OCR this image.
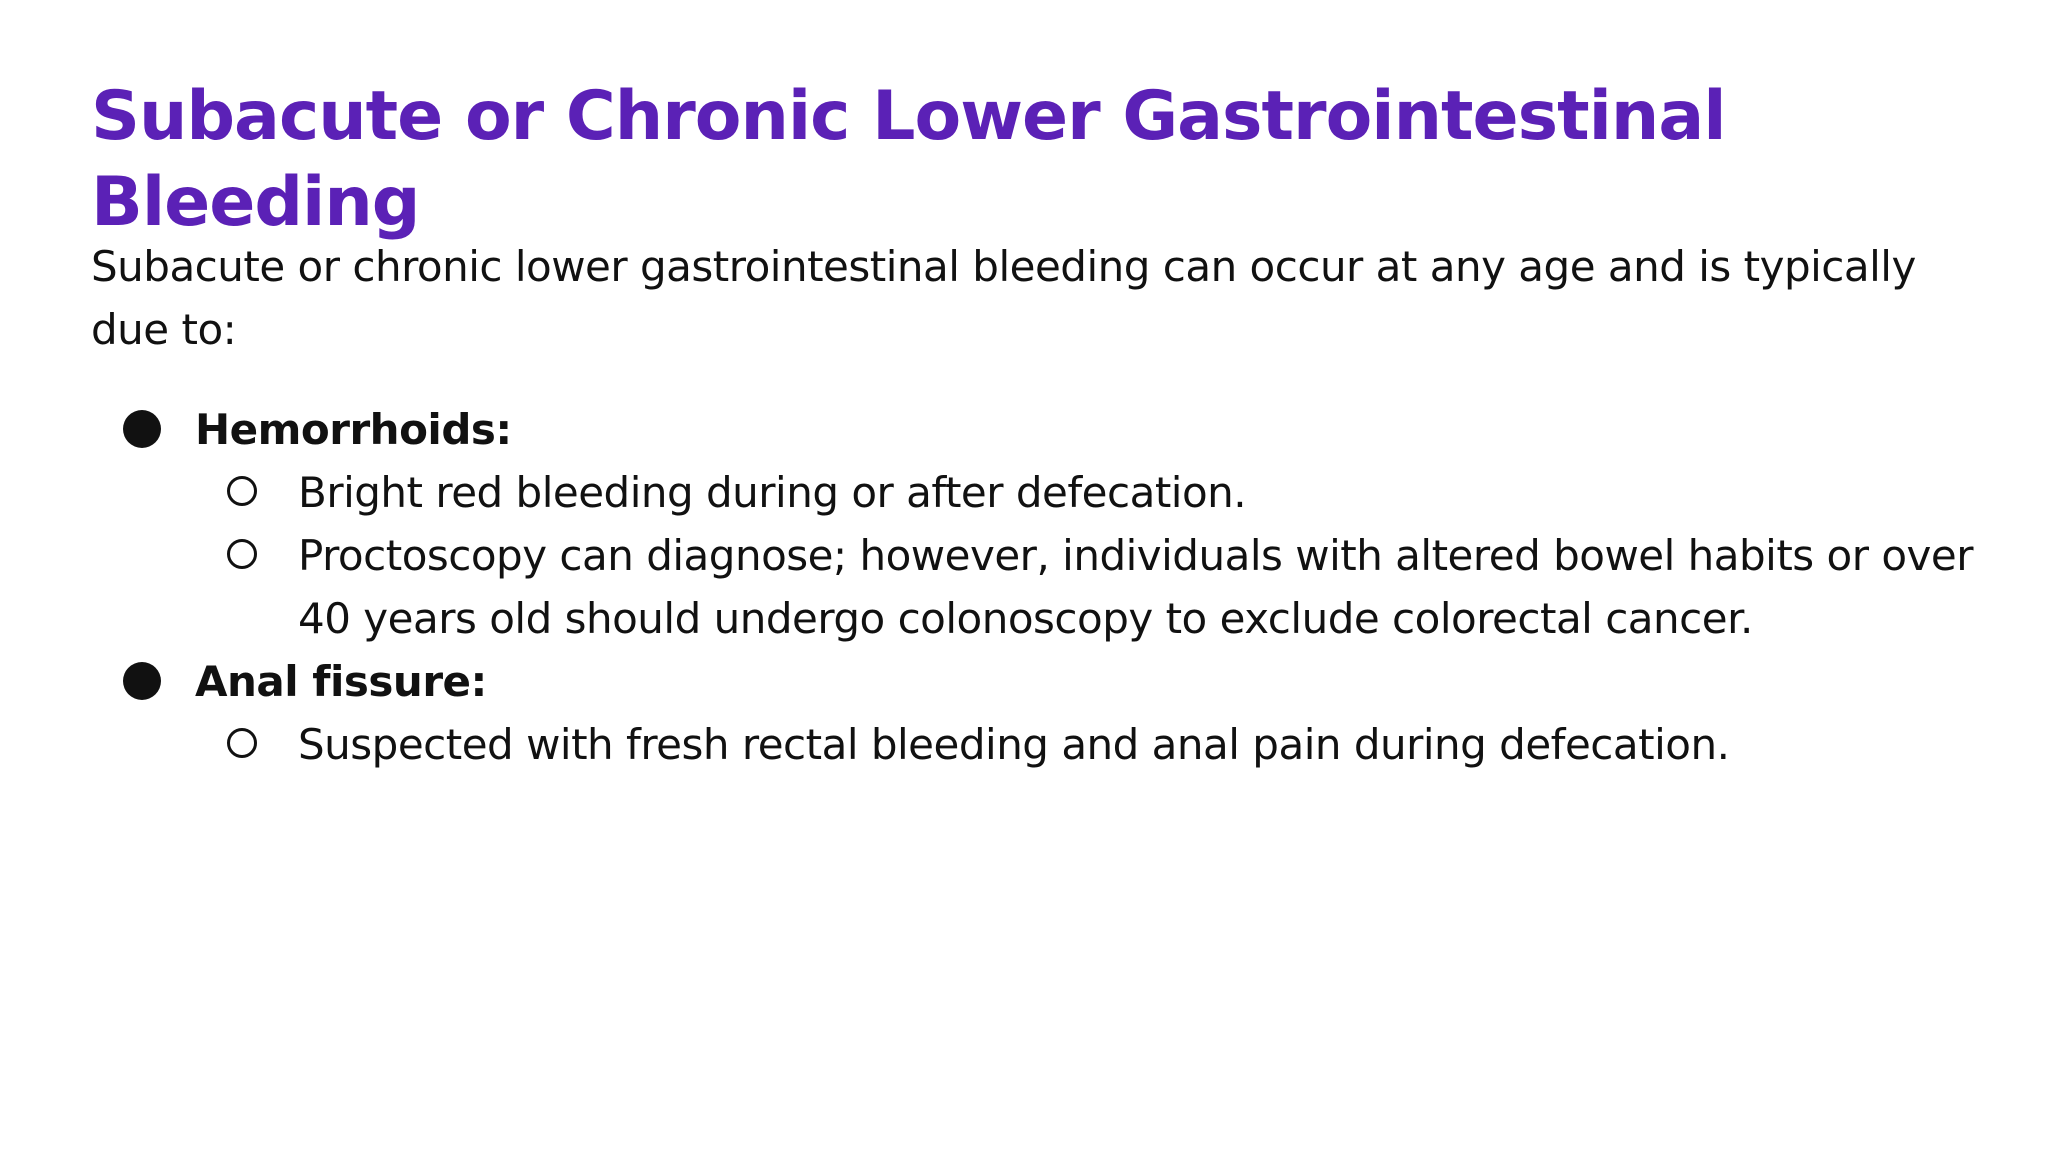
Subacute or Chronic Lower Gastrointestinal Bleeding

Subacute or chronic lower gastrointestinal bleeding can occur at any age and is typically due to:

Hemorrhoids:
Bright red bleeding during or after defecation.
Proctoscopy can diagnose; however, individuals with altered bowel habits or over 40 years old should undergo colonoscopy to exclude colorectal cancer.
Anal fissure:
Suspected with fresh rectal bleeding and anal pain during defecation.
